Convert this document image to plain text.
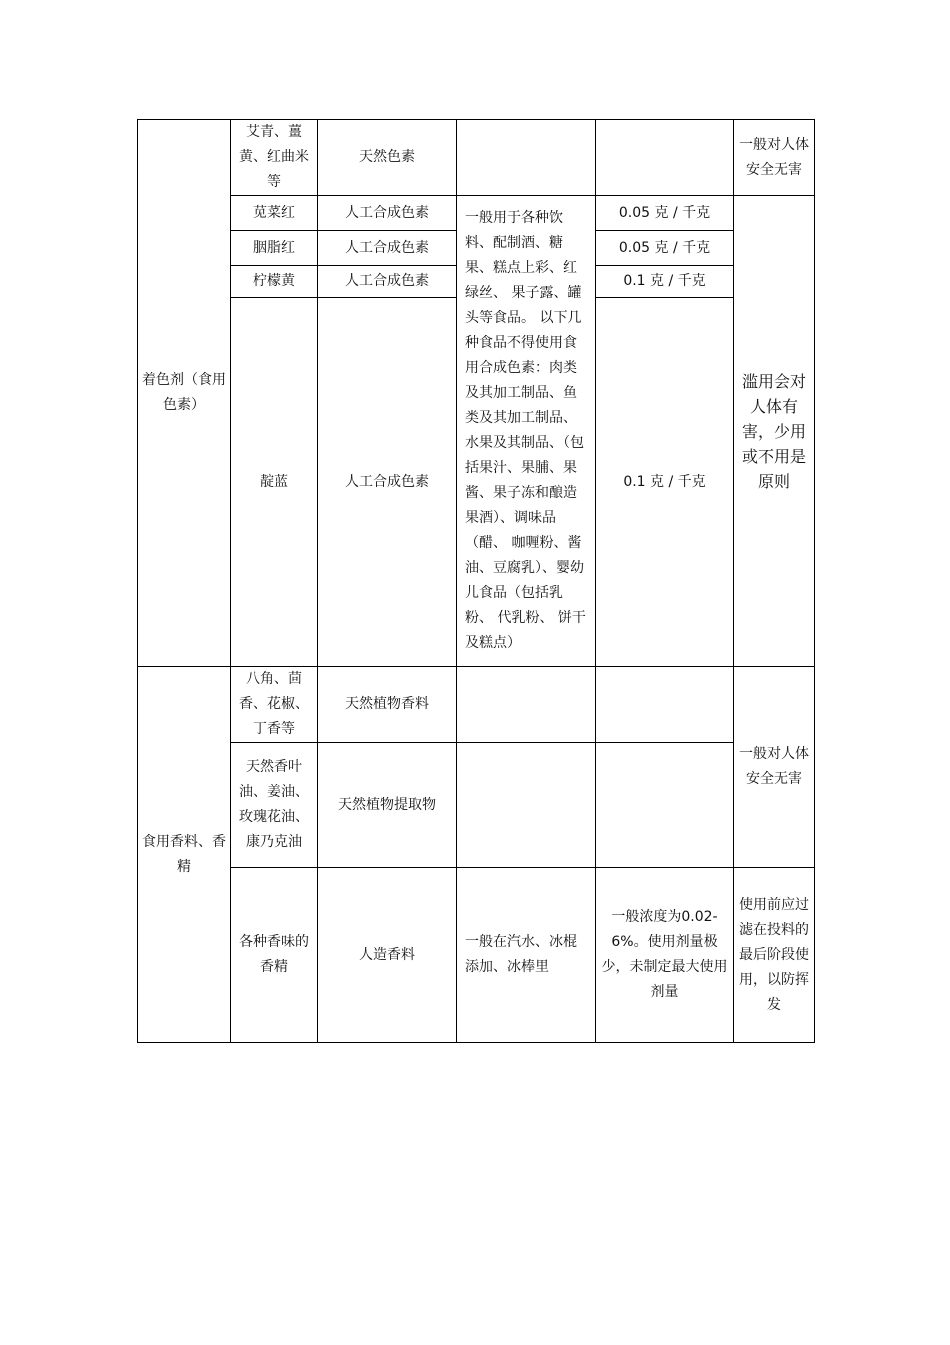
着色剂（食用色素）	艾青、薑黄、红曲米等	天然色素			一般对人体安全无害
	苋菜红	人工合成色素	一般用于各种饮料、配制酒、糖果、糕点上彩、红绿丝、 果子露、罐头等食品。 以下几种食品不得使用食用合成色素：肉类及其加工制品、鱼类及其加工制品、水果及其制品、（包括果汁、果脯、果酱、果子冻和酿造果酒）、调味品（醋、 咖喱粉、酱油、豆腐乳）、婴幼儿食品（包括乳粉、 代乳粉、 饼干及糕点）	0.05 克 / 千克	滥用会对人体有害，少用或不用是原则
	胭脂红	人工合成色素		0.05 克 / 千克	
	柠檬黄	人工合成色素		0.1 克 / 千克	
	靛蓝	人工合成色素		0.1 克 / 千克	
食用香料、香精	八角、茴香、花椒、丁香等	天然植物香料			一般对人体安全无害
	天然香叶油、姜油、玫瑰花油、康乃克油	天然植物提取物			
	各种香味的香精	人造香料	一般在汽水、冰棍添加、冰棒里	一般浓度为0.02-6%。使用剂量极少，未制定最大使用剂量	使用前应过滤在投料的最后阶段使用，以防挥发
